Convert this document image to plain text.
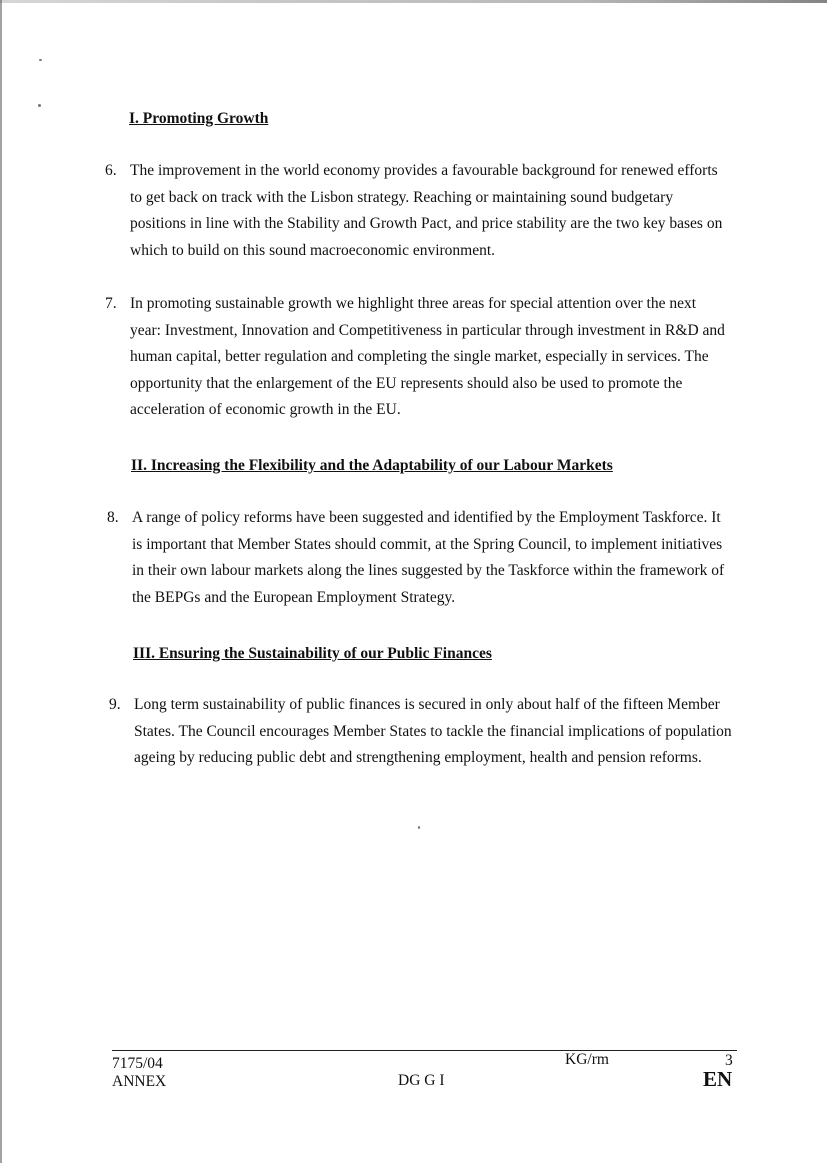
I. Promoting Growth
6. The improvement in the world economy provides a favourable background for renewed efforts to get back on track with the Lisbon strategy. Reaching or maintaining sound budgetary positions in line with the Stability and Growth Pact, and price stability are the two key bases on which to build on this sound macroeconomic environment.
7. In promoting sustainable growth we highlight three areas for special attention over the next year: Investment, Innovation and Competitiveness in particular through investment in R&D and human capital, better regulation and completing the single market, especially in services. The opportunity that the enlargement of the EU represents should also be used to promote the acceleration of economic growth in the EU.
II. Increasing the Flexibility and the Adaptability of our Labour Markets
8. A range of policy reforms have been suggested and identified by the Employment Taskforce. It is important that Member States should commit, at the Spring Council, to implement initiatives in their own labour markets along the lines suggested by the Taskforce within the framework of the BEPGs and the European Employment Strategy.
III. Ensuring the Sustainability of our Public Finances
9. Long term sustainability of public finances is secured in only about half of the fifteen Member States. The Council encourages Member States to tackle the financial implications of population ageing by reducing public debt and strengthening employment, health and pension reforms.
7175/04
ANNEX	DG G I
KG/rm	3
EN
